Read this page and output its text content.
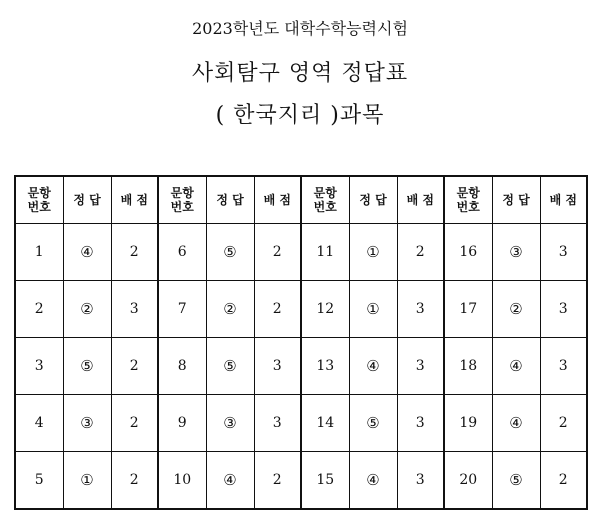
2023학년도 대학수학능력시험
사회탐구 영역 정답표
( 한국지리 )과목
문항
번호	정 답	배 점	문항
번호	정 답	배 점	문항
번호	정 답	배 점	문항
번호	정 답	배 점
1	④	2	6	⑤	2	11	①	2	16	③	3
2	②	3	7	②	2	12	①	3	17	②	3
3	⑤	2	8	⑤	3	13	④	3	18	④	3
4	③	2	9	③	3	14	⑤	3	19	④	2
5	①	2	10	④	2	15	④	3	20	⑤	2
